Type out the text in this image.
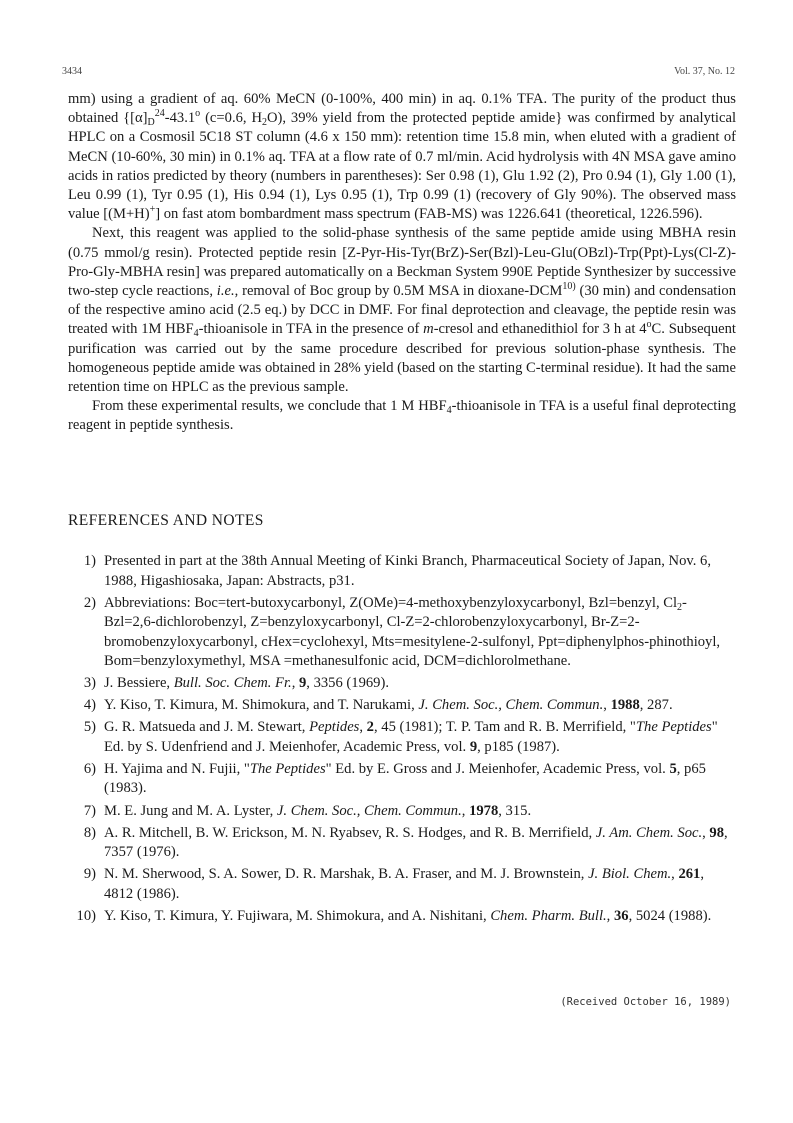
3434	Vol. 37, No. 12

mm) using a gradient of aq. 60% MeCN (0-100%, 400 min) in aq. 0.1% TFA. The purity of the product thus obtained {$[\alpha]_D^{24}-43.1^o$ (c=0.6, $H_2O$), 39% yield from the protected peptide amide} was confirmed by analytical HPLC on a Cosmosil 5C18 ST column (4.6 x 150 mm): retention time 15.8 min, when eluted with a gradient of MeCN (10-60%, 30 min) in 0.1% aq. TFA at a flow rate of 0.7 ml/min. Acid hydrolysis with 4N MSA gave amino acids in ratios predicted by theory (numbers in parentheses): Ser 0.98 (1), Glu 1.92 (2), Pro 0.94 (1), Gly 1.00 (1), Leu 0.99 (1), Tyr 0.95 (1), His 0.94 (1), Lys 0.95 (1), Trp 0.99 (1) (recovery of Gly 90%). The observed mass value [(M+H)+] on fast atom bombardment mass spectrum (FAB-MS) was 1226.641 (theoretical, 1226.596).

Next, this reagent was applied to the solid-phase synthesis of the same peptide amide using MBHA resin (0.75 mmol/g resin). Protected peptide resin [Z-Pyr-His-Tyr(BrZ)-Ser(Bzl)-Leu-Glu(OBzl)-Trp(Ppt)-Lys(Cl-Z)-Pro-Gly-MBHA resin] was prepared automatically on a Beckman System 990E Peptide Synthesizer by successive two-step cycle reactions, i.e., removal of Boc group by 0.5M MSA in dioxane-DCM$^{10)}$ (30 min) and condensation of the respective amino acid (2.5 eq.) by DCC in DMF. For final deprotection and cleavage, the peptide resin was treated with 1M $HBF_4$-thioanisole in TFA in the presence of m-cresol and ethanedithiol for 3 h at 4$^o$C. Subsequent purification was carried out by the same procedure described for previous solution-phase synthesis. The homogeneous peptide amide was obtained in 28% yield (based on the starting C-terminal residue). It had the same retention time on HPLC as the previous sample.

From these experimental results, we conclude that 1 M $HBF_4$-thioanisole in TFA is a useful final deprotecting reagent in peptide synthesis.

REFERENCES AND NOTES
1) Presented in part at the 38th Annual Meeting of Kinki Branch, Pharmaceutical Society of Japan, Nov. 6, 1988, Higashiosaka, Japan: Abstracts, p31.
2) Abbreviations: Boc=tert-butoxycarbonyl, Z(OMe)=4-methoxybenzyloxycarbonyl, Bzl=benzyl, $Cl_2-Bzl=2,6$-dichlorobenzyl, Z=benzyloxycarbonyl, Cl-Z=2-chlorobenzyloxycarbonyl, Br-Z=2-bromobenzyloxycarbonyl, cHex=cyclohexyl, Mts=mesitylene-2-sulfonyl, Ppt=diphenylphos-phinothioyl, Bom=benzyloxymethyl, MSA =methanesulfonic acid, DCM=dichlorolmethane.
3) J. Bessiere, Bull. Soc. Chem. Fr., 9, 3356 (1969).
4) Y. Kiso, T. Kimura, M. Shimokura, and T. Narukami, J. Chem. Soc., Chem. Commun., 1988, 287.
5) G. R. Matsueda and J. M. Stewart, Peptides, 2, 45 (1981); T. P. Tam and R. B. Merrifield, "The Peptides" Ed. by S. Udenfriend and J. Meienhofer, Academic Press, vol. 9, p185 (1987).
6) H. Yajima and N. Fujii, "The Peptides" Ed. by E. Gross and J. Meienhofer, Academic Press, vol. 5, p65 (1983).
7) M. E. Jung and M. A. Lyster, J. Chem. Soc., Chem. Commun., 1978, 315.
8) A. R. Mitchell, B. W. Erickson, M. N. Ryabsev, R. S. Hodges, and R. B. Merrifield, J. Am. Chem. Soc., 98, 7357 (1976).
9) N. M. Sherwood, S. A. Sower, D. R. Marshak, B. A. Fraser, and M. J. Brownstein, J. Biol. Chem., 261, 4812 (1986).
10) Y. Kiso, T. Kimura, Y. Fujiwara, M. Shimokura, and A. Nishitani, Chem. Pharm. Bull., 36, 5024 (1988).
(Received October 16, 1989)
